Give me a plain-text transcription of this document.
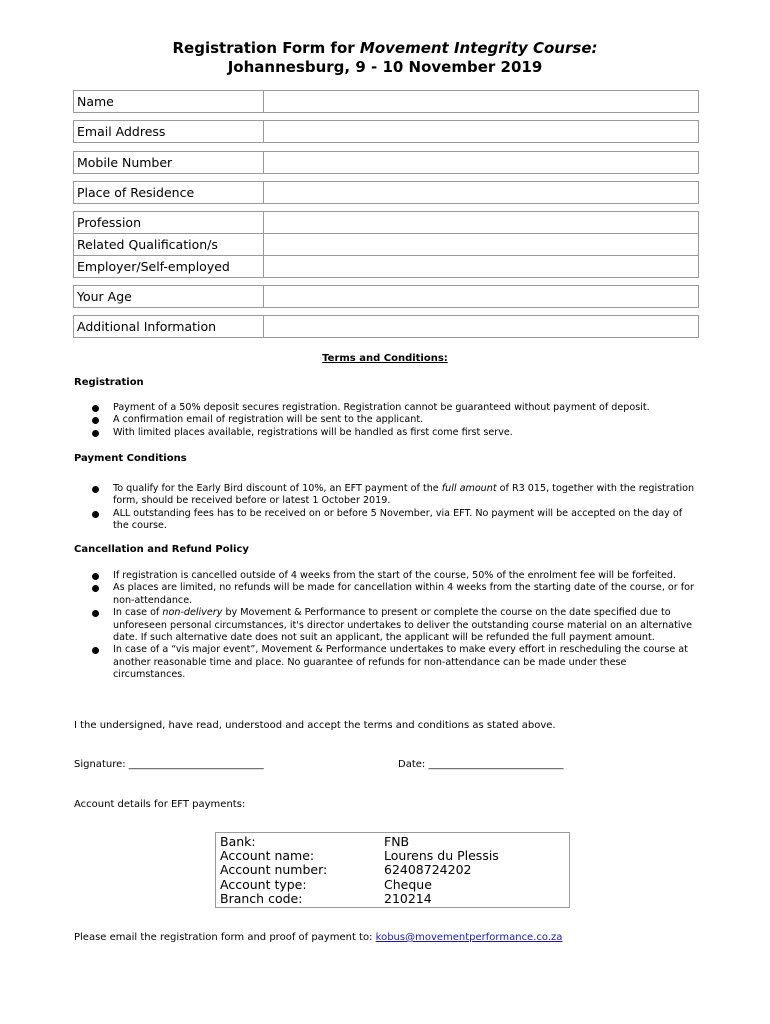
Registration Form for Movement Integrity Course:
Johannesburg, 9 - 10 November 2019
Name	
Email Address	
Mobile Number	
Place of Residence	
Profession	
Related Qualification/s	
Employer/Self-employed	
Your Age	
Additional Information	
Terms and Conditions:
Registration
Payment of a 50% deposit secures registration. Registration cannot be guaranteed without payment of deposit.
A confirmation email of registration will be sent to the applicant.
With limited places available, registrations will be handled as first come first serve.
Payment Conditions
To qualify for the Early Bird discount of 10%, an EFT payment of the full amount of R3 015, together with the registration form, should be received before or latest 1 October 2019.
ALL outstanding fees has to be received on or before 5 November, via EFT. No payment will be accepted on the day of the course.
Cancellation and Refund Policy
If registration is cancelled outside of 4 weeks from the start of the course, 50% of the enrolment fee will be forfeited.
As places are limited, no refunds will be made for cancellation within 4 weeks from the starting date of the course, or for non-attendance.
In case of non-delivery by Movement & Performance to present or complete the course on the date specified due to unforeseen personal circumstances, it's director undertakes to deliver the outstanding course material on an alternative date. If such alternative date does not suit an applicant, the applicant will be refunded the full payment amount.
In case of a “vis major event”, Movement & Performance undertakes to make every effort in rescheduling the course at another reasonable time and place. No guarantee of refunds for non-attendance can be made under these circumstances.
I the undersigned, have read, understood and accept the terms and conditions as stated above.
Signature: ___________________________	Date: ___________________________
Account details for EFT payments:
Bank:	FNB
Account name:	Lourens du Plessis
Account number:	62408724202
Account type:	Cheque
Branch code:	210214
Please email the registration form and proof of payment to: kobus@movementperformance.co.za
